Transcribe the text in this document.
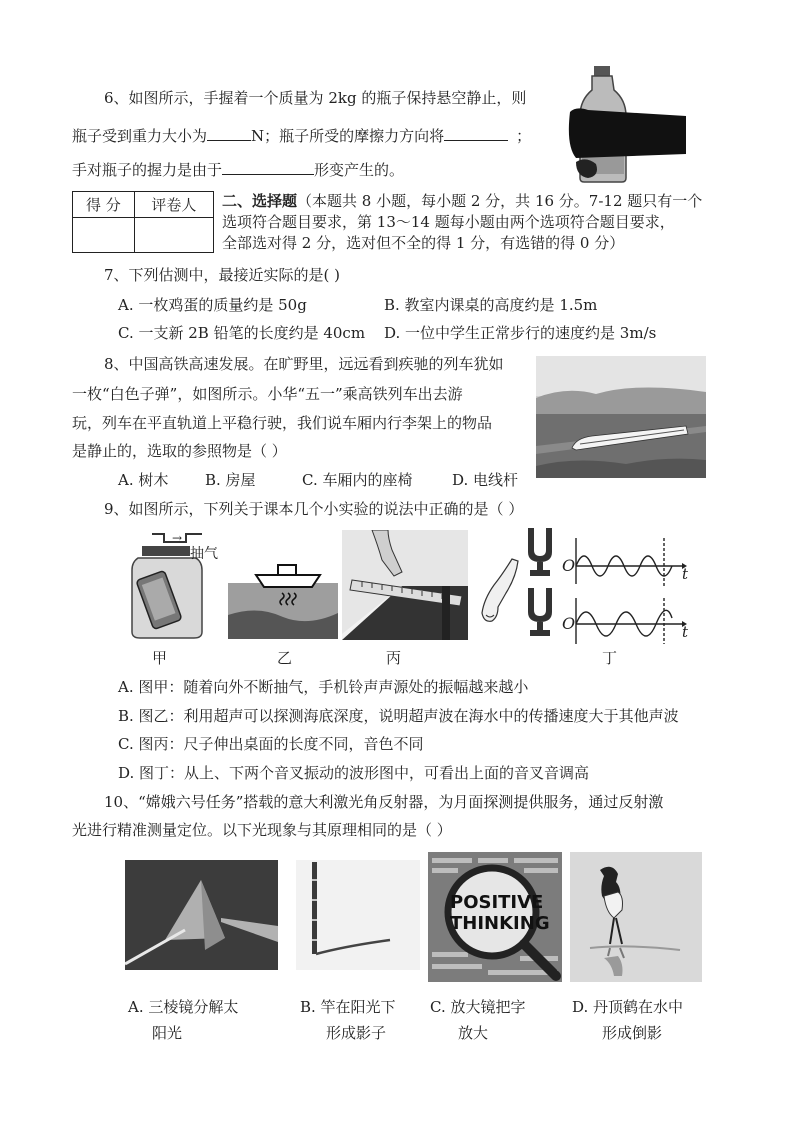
6、如图所示，手握着一个质量为 2kg 的瓶子保持悬空静止，则
瓶子受到重力大小为	N；瓶子所受的摩擦力方向将	；
手对瓶子的握力是由于	形变产生的。
得 分	评卷人
	二、选择题（本题共 8 小题，每小题 2 分，共 16 分。7-12 题只有一个
选项符合题目要求，第 13～14 题每小题由两个选项符合题目要求，
全部选对得 2 分，选对但不全的得 1 分，有选错的得 0 分）
7、下列估测中，最接近实际的是( )
A. 一枚鸡蛋的质量约是 50g	B. 教室内课桌的高度约是 1.5m
C. 一支新 2B 铅笔的长度约是 40cm D. 一位中学生正常步行的速度约是 3m/s
8、中国高铁高速发展。在旷野里，远远看到疾驰的列车犹如
一枚“白色子弹”，如图所示。小华“五一”乘高铁列车出去游
玩，列车在平直轨道上平稳行驶，我们说车厢内行李架上的物品
是静止的，选取的参照物是（ ）
A. 树木 B. 房屋	C. 车厢内的座椅	D. 电线杆
9、如图所示，下列关于课本几个小实验的说法中正确的是（ ）
→
抽气
O
O
t
t
甲	乙	丙	丁
A. 图甲：随着向外不断抽气，手机铃声声源处的振幅越来越小
B. 图乙：利用超声可以探测海底深度，说明超声波在海水中的传播速度大于其他声波
C. 图丙：尺子伸出桌面的长度不同，音色不同
D. 图丁：从上、下两个音叉振动的波形图中，可看出上面的音叉音调高
10、“嫦娥六号任务”搭载的意大利激光角反射器，为月面探测提供服务，通过反射激
光进行精准测量定位。以下光现象与其原理相同的是（ ）
POSITIVE
THINKING
A. 三棱镜分解太
阳光
B. 竿在阳光下
形成影子
C. 放大镜把字
放大
D. 丹顶鹤在水中
形成倒影
